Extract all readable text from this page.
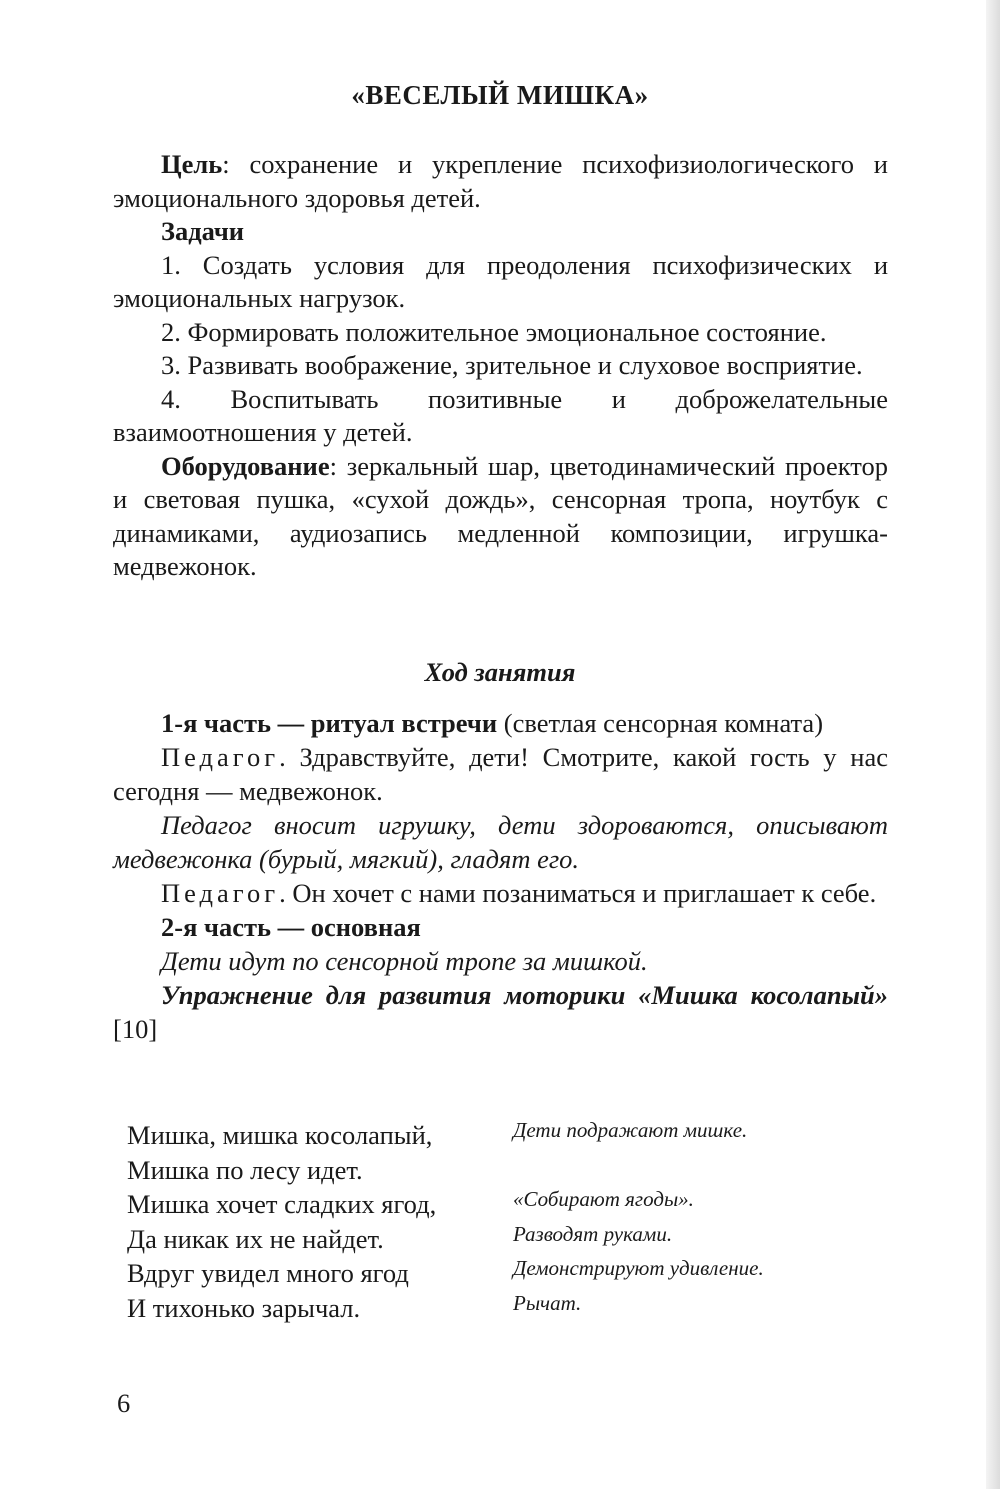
«ВЕСЕЛЫЙ МИШКА»

Цель: сохранение и укрепление психофизиологического и эмоционального здоровья детей.

Задачи

1. Создать условия для преодоления психофизических и эмоциональных нагрузок.

2. Формировать положительное эмоциональное состояние.

3. Развивать воображение, зрительное и слуховое восприятие.

4. Воспитывать позитивные и доброжелательные взаимоотношения у детей.

Оборудование: зеркальный шар, цветодинамический проектор и световая пушка, «сухой дождь», сенсорная тропа, ноутбук с динамиками, аудиозапись медленной композиции, игрушка-медвежонок.

Ход занятия

1-я часть — ритуал встречи (светлая сенсорная комната)

Педагог. Здравствуйте, дети! Смотрите, какой гость у нас сегодня — медвежонок.

Педагог вносит игрушку, дети здороваются, описывают медвежонка (бурый, мягкий), гладят его.

Педагог. Он хочет с нами позаниматься и приглашает к себе.

2-я часть — основная

Дети идут по сенсорной тропе за мишкой.

Упражнение для развития моторики «Мишка косолапый» [10]

Мишка, мишка косолапый,	Дети подражают мишке.
Мишка по лесу идет.
Мишка хочет сладких ягод,	«Собирают ягоды».
Да никак их не найдет.	Разводят руками.
Вдруг увидел много ягод	Демонстрируют удивление.
И тихонько зарычал.	Рычат.
6
